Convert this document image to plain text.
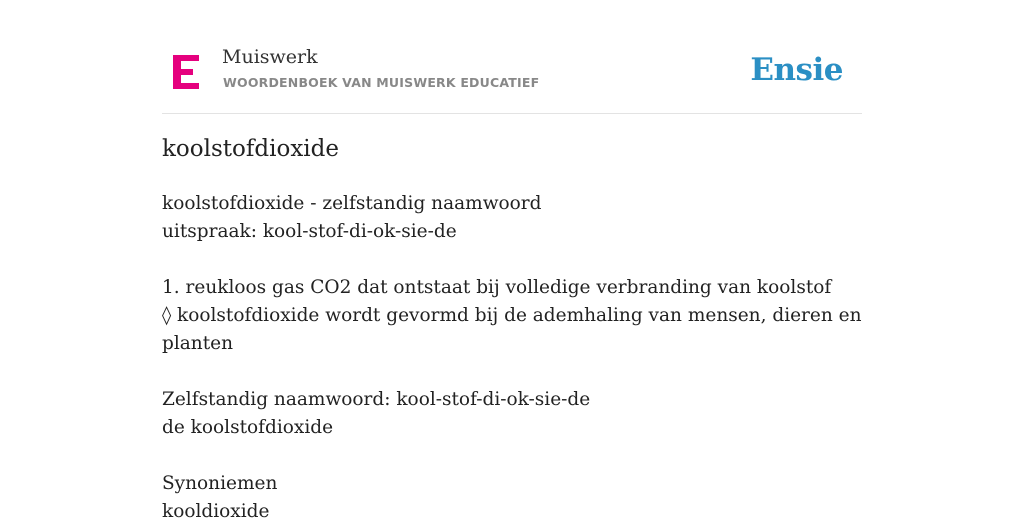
Muiswerk
WOORDENBOEK VAN MUISWERK EDUCATIEF	Ensie
koolstofdioxide
koolstofdioxide - zelfstandig naamwoord
uitspraak: kool-stof-di-ok-sie-de
1. reukloos gas CO2 dat ontstaat bij volledige verbranding van koolstof
◊ koolstofdioxide wordt gevormd bij de ademhaling van mensen, dieren en planten
Zelfstandig naamwoord: kool-stof-di-ok-sie-de
de koolstofdioxide
Synoniemen
kooldioxide
